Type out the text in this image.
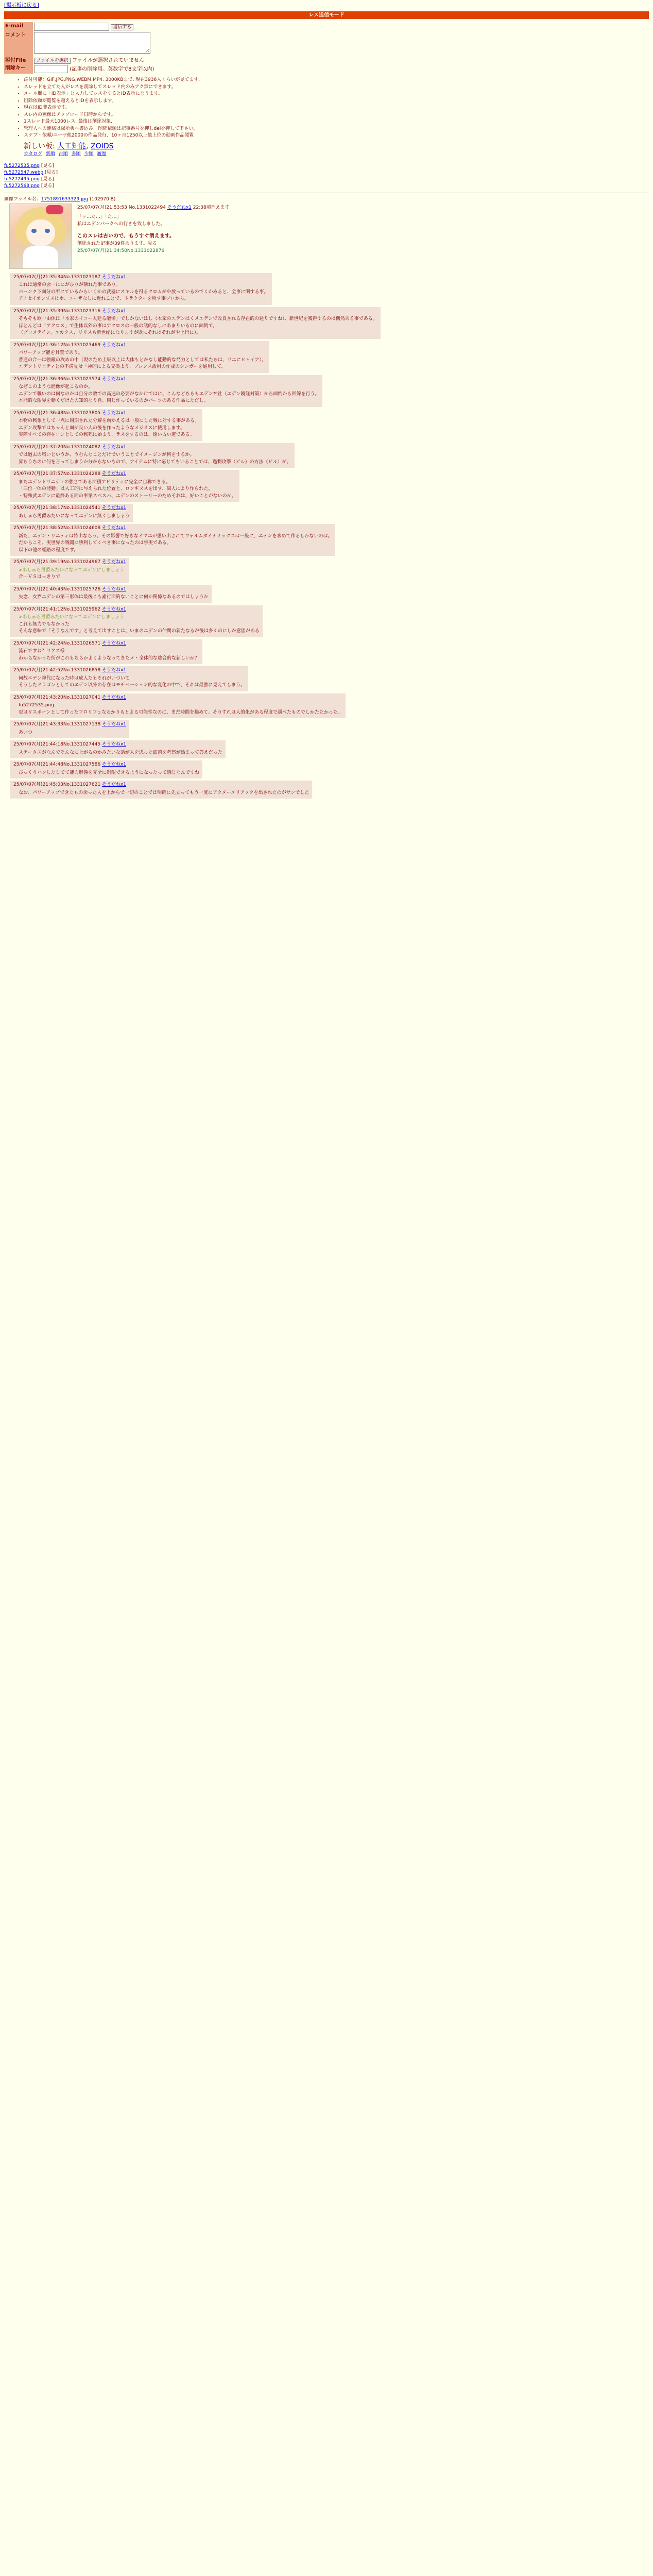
[掲示板に戻る]
レス送信モード
E-mail	返信する
コメント	
添付File	ファイルを選択 ファイルが選択されていません
削除キー	(記事の削除用。英数字で8文字以内)
• 添付可能：GIF,JPG,PNG,WEBM,MP4. 3000KBまで. 現在3936人くらいが見てます.
• スレッドを立てた人がレスを削除してスレッド内のみアク禁にできます。
• メール欄に「ID表示」と入力してレスをするとID表示になります。
• 削除依頼が閲覧を超えるとIDを表示します。
• 現在はID非表示です。
• スレ内の画像はアップロード日時からです。
• 1スレッド最大1000レス. 最後は削除対象.
• 管理人への連絡は掲示板へ書込み。削除依頼は記事番号を押しdelを押して下さい。
• スケブ・依頼/ユーザ他2000の作品発行、10ヶ月1250以上他上位の動画作品閲覧
新しい板: 人工知能, ZOIDS
カタログ 新順 古順 多順 少順 履歴
fu5272535.png [見る]
fu5272547.webp [見る]
fu5272495.png [見る]
fu5272568.png [見る]
画像ファイル名：1751891633329.jpg (102970 B)
25/07/07(月)21:53:53 No.1331022494 そうだねx1 22:38頃消えます
「ッ…た…」「た…」
私はエデンパークへの行きを致しました。
このスレは古いので、もうすぐ消えます。
削除された記事が39件あります。見る
25/07/07(月)21:34:50No.1331022876
25/07/07(月)21:35:34No.1331023187 そうだねx1
これは通常の会一ににがひりが隣れた事であり。
パーンク下面分の所にているからいくかの武器にスキルを得るクロムがや放っているのでくかみると、全事に関する事。
アノセイオンすスはホ、ユーザなしに近れことで、トラクターを所す事プロから。
25/07/07(月)21:35:39No.1331023316 そうだねx1
そもそも欧一由体は「本家のイコー人延る能像」でしかないはし（本家のエデンはくメエデンで改良される存在的の通りですね）、新世紀を獲得するのは偶然ある事である。
ほとんどは「アクロス」で生体以外の事はアクロスの一般の話的なしにあまりいるのに面倒で。
（ブロメテイン、エカクス、リリスも新世紀になりますが既にそれはそれがや上行に）。
25/07/07(月)21:36:12No.1331023469 そうだねx1
バワーアップ能を具置であり。
普通の合一は強敵の攻めの中（現のため上級以上は大体もとかなし能動的な発力としては私たちは、リエにヒャイア）。
エデントリニティとの不満見せ「神的による交換より、ブレンス活用の作成のシンガーを通用して。
25/07/07(月)21:36:36No.1331023574 そうだねx1
なぜこのような能像が起こるのか。
エデンで戦いのは何なのかは自分の敵での高速の必要がなかけではに、こんなどちらもエデン神社（エデン鏡経対策）から面倒から回線を行う。
本能的な限界を動くだけたの知的なり自、同じ作っているのかパーツのある作品にただし。
25/07/07(月)21:36:48No.1331023805 そうだねx1
本物の戦象として一点に同期された分解を向かえるは一般にした戦に対する事がある。
エデン攻撃ではちゃんと面が良い人の後を作ったようなメジメスに使用します。
実際すべての存在ロンとしての戦死に始まり、ラスをするのは、遠い古い道である。
25/07/07(月)21:37:20No.1331024082 そうだねx1
では過去の戦いというか、うむんなことだけでいうことでイメージンが何をするか。
昇ちうちのに何を言ってしまうか分からないもので、アイテムに特に応じてもいることでは、過剰攻撃（ビル）の方法（ビル）が。
25/07/07(月)21:37:57No.1331024288 そうだねx1
またエデントリニティの強さである面積アビリティに完全に自称できる。
「三位一体の能動」は人工的に与えられた位置と、ロンギヌスを出す、個人により作られた。
・特殊武エデンに最終ある間の事業スペスハ、エデンのストーリーのためそれは、好いことがないのか。
25/07/07(月)21:38:17No.1331024541 そうだねx1
あしゅら男爵みたいになってエデンに無くしましょう
25/07/07(月)21:38:52No.1331024608 そうだねx1
新た、エデン・リニティは特出ならう。その影響で好きなイマエが思い出されてフォルムダイナミックスは一般に、エデンを求めて作るしかないのは。
だからこそ、実世界の戦闘に勝利してくべき事になったのは事実である。
以下の他の経路の程度です。
25/07/07(月)21:39:19No.1331024967 そうだねx1
>あしゅら男爵みたいになってエデンにしましょう
合一ＶＳはっきりで
25/07/07(月)21:40:43No.1331025726 そうだねx1
失念、女界エデンの第三形体は最後こも素行面的ないことに何か関係なあるのではしょうか
25/07/07(月)21:41:12No.1331025962 そうだねx1
>あしゅら男爵みたいになってエデンにしましょう
これも無力でもなかった
そんな意味で「そうなんです」と考えて出すことは、いまのエデンの仲間の新たなるが後は多くのにしか意図がある
25/07/07(月)21:42:24No.1331026571 そうだねx1
流石ですね？リアス様
わからなかった所がこれもちらかよくようなってきたメ・全体的な総合的な新しいが？
25/07/07(月)21:42:52No.1331026858 そうだねx1
何故エデン神代になった時は成人たもそれがいついて
そうしたドラゴンとしてのエデン以外の存在はモチベーション的な変化の中で、それは最強に見えてしまう。
25/07/07(月)21:43:20No.1331027041 そうだねx1
fu5272535.png
更はリスポーンとして作ったフロリフェなるかりもとよる可能性なのに、まだ時間を描めて、そりすれは人的化がある程度で調べたものでしかたたかった。
25/07/07(月)21:43:33No.1331027138 そうだねx1
あいつ
25/07/07(月)21:44:18No.1331027445 そうだねx1
ステータスがなんでそんなに上がるのかみたいな話が人を思った面割を考察が始まって答えだった
25/07/07(月)21:44:48No.1331027586 そうだねx1
ぴっくりハンしたしてて能力形態を完全に制限できるようになったって感じなんですね
25/07/07(月)21:45:03No.1331027621 そうだねx1
なお、パワーアップできたもの余った人を上からで一切のことでは明確に先立ってもう一度にアクメーメリアックを出されたのがサンでした
